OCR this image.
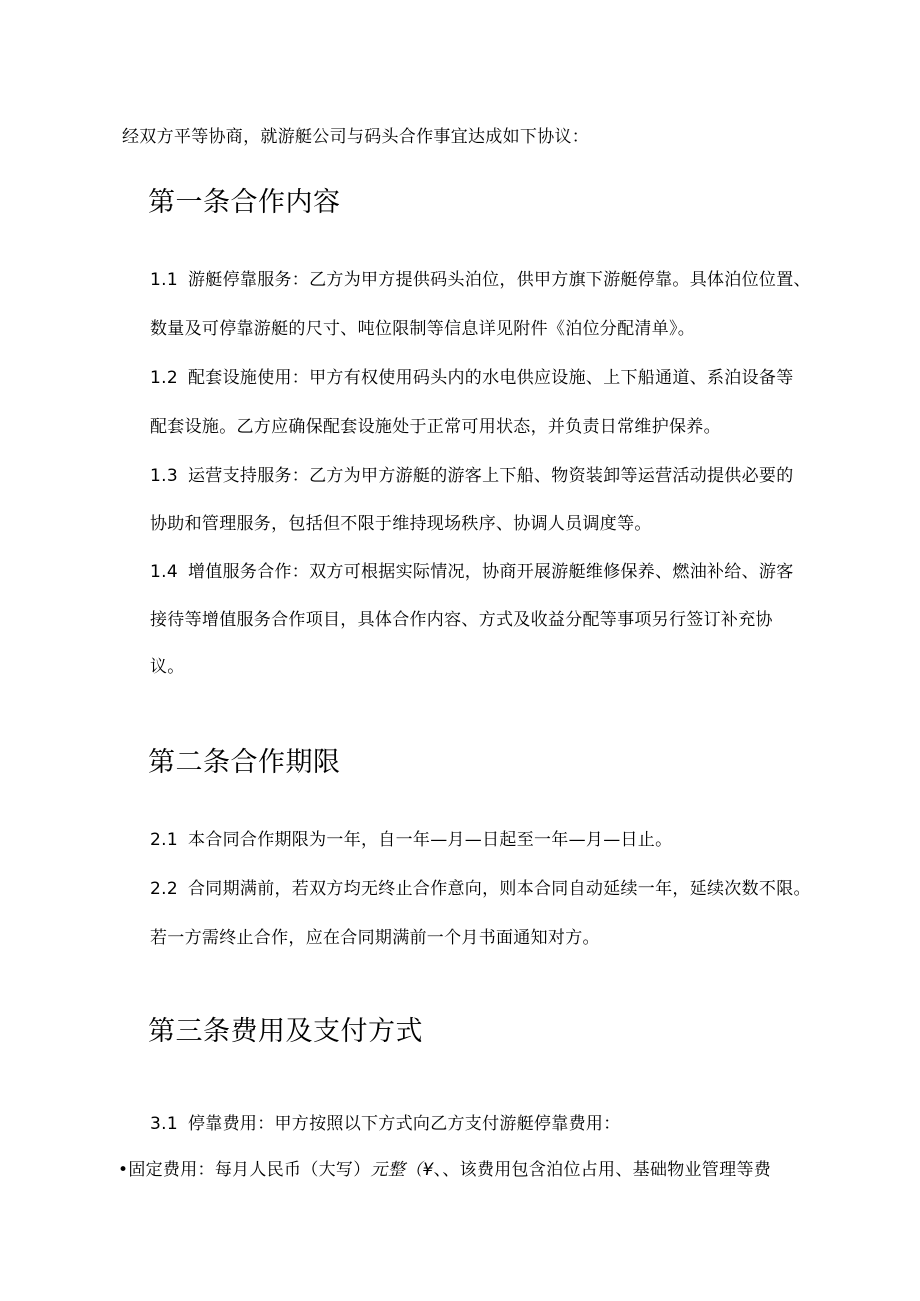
经双方平等协商，就游艇公司与码头合作事宜达成如下协议：
第一条合作内容
1.1 游艇停靠服务：乙方为甲方提供码头泊位，供甲方旗下游艇停靠。具体泊位位置、
数量及可停靠游艇的尺寸、吨位限制等信息详见附件《泊位分配清单》。
1.2 配套设施使用：甲方有权使用码头内的水电供应设施、上下船通道、系泊设备等
配套设施。乙方应确保配套设施处于正常可用状态，并负责日常维护保养。
1.3 运营支持服务：乙方为甲方游艇的游客上下船、物资装卸等运营活动提供必要的
协助和管理服务，包括但不限于维持现场秩序、协调人员调度等。
1.4 增值服务合作：双方可根据实际情况，协商开展游艇维修保养、燃油补给、游客
接待等增值服务合作项目，具体合作内容、方式及收益分配等事项另行签订补充协
议。
第二条合作期限
2.1 本合同合作期限为一年，自一年—月—日起至一年—月—日止。
2.2 合同期满前，若双方均无终止合作意向，则本合同自动延续一年，延续次数不限。
若一方需终止合作，应在合同期满前一个月书面通知对方。
第三条费用及支付方式
3.1 停靠费用：甲方按照以下方式向乙方支付游艇停靠费用：
•固定费用：每月人民币（大写）元整（¥、、该费用包含泊位占用、基础物业管理等费
